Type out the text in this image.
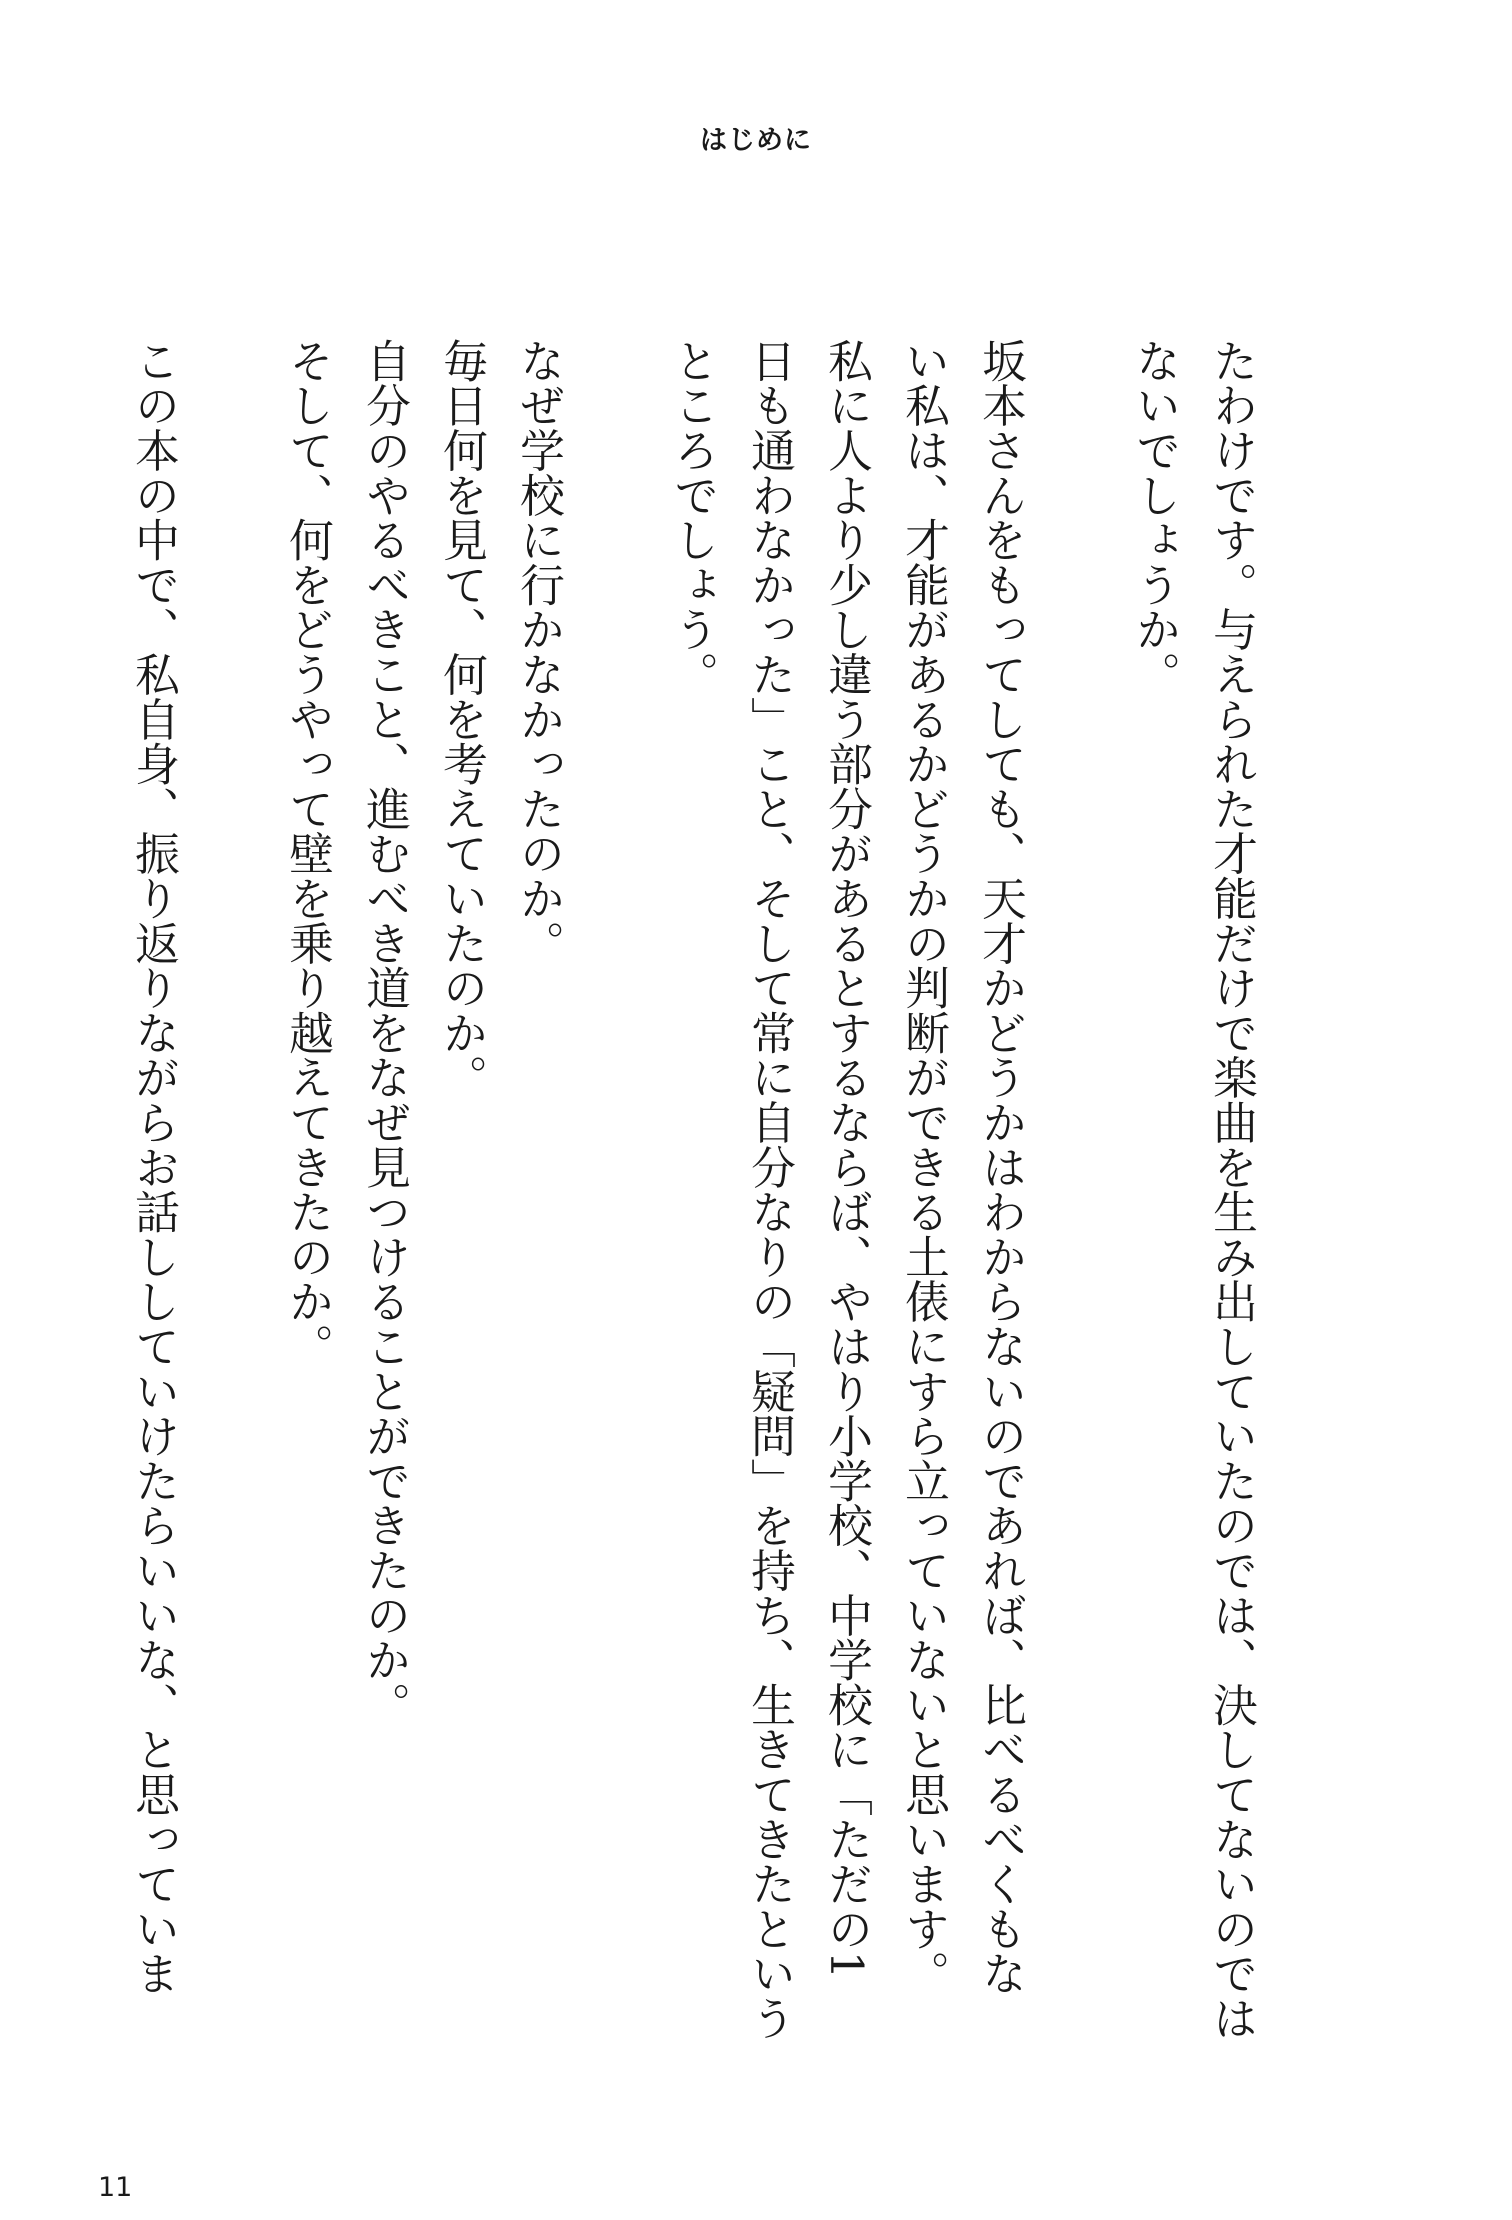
はじめに
たわけです。与えられた才能だけで楽曲を生み出していたのでは、決してないのでは
ないでしょうか。

坂本さんをもってしても、天才かどうかはわからないのであれば、比べるべくもな
い私は、才能があるかどうかの判断ができる土俵にすら立っていないと思います。
私に人より少し違う部分があるとするならば、やはり小学校、中学校に「ただの1
日も通わなかった」こと、そして常に自分なりの「疑問」を持ち、生きてきたという
ところでしょう。

なぜ学校に行かなかったのか。
毎日何を見て、何を考えていたのか。
自分のやるべきこと、進むべき道をなぜ見つけることができたのか。
そして、何をどうやって壁を乗り越えてきたのか。

この本の中で、私自身、振り返りながらお話ししていけたらいいな、と思っていま
11
